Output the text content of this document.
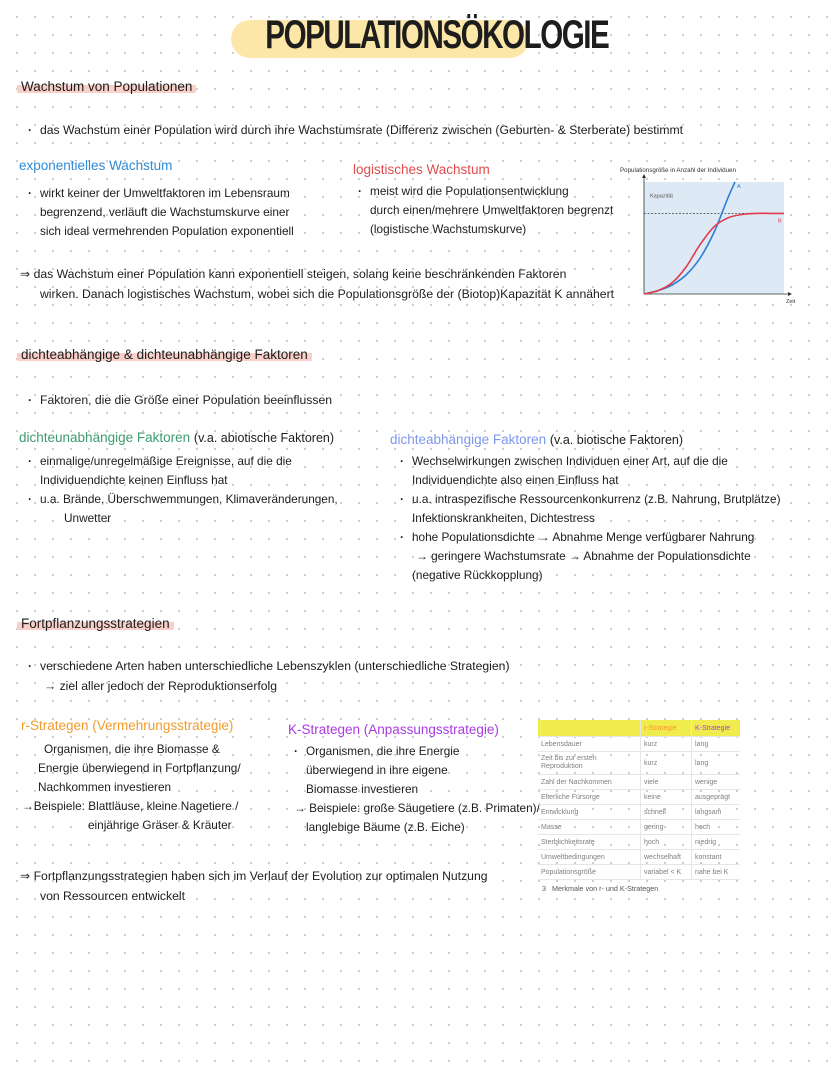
POPULATIONSÖKOLOGIE
Wachstum von Populationen
· das Wachstum einer Population wird durch ihre Wachstumsrate (Differenz zwischen (Geburten- & Sterberate) bestimmt
exponentielles Wachstum
· wirkt keiner der Umweltfaktoren im Lebensraum
begrenzend, verläuft die Wachstumskurve einer
sich ideal vermehrenden Population exponentiell
logistisches Wachstum
· meist wird die Populationsentwicklung
durch einen/mehrere Umweltfaktoren begrenzt
(logistische Wachstumskurve)
Populationsgröße in Anzahl der Individuen
Kapazität
A
B
Zeit
⇒ das Wachstum einer Population kann exponentiell steigen, solang keine beschränkenden Faktoren
wirken. Danach logistisches Wachstum, wobei sich die Populationsgröße der (Biotop)Kapazität K annähert
dichteabhängige & dichteunabhängige Faktoren
· Faktoren, die die Größe einer Population beeinflussen
dichteunabhängige Faktoren (v.a. abiotische Faktoren)
· einmalige/unregelmäßige Ereignisse, auf die die
Individuendichte keinen Einfluss hat
· u.a. Brände, Überschwemmungen, Klimaveränderungen,
Unwetter
dichteabhängige Faktoren (v.a. biotische Faktoren)
· Wechselwirkungen zwischen Individuen einer Art, auf die die
Individuendichte also einen Einfluss hat
· u.a. intraspezifische Ressourcenkonkurrenz (z.B. Nahrung, Brutplätze)
Infektionskrankheiten, Dichtestress
· hohe Populationsdichte → Abnahme Menge verfügbarer Nahrung
→ geringere Wachstumsrate → Abnahme der Populationsdichte
(negative Rückkopplung)
Fortpflanzungsstrategien
· verschiedene Arten haben unterschiedliche Lebenszyklen (unterschiedliche Strategien)
→ ziel aller jedoch der Reproduktionserfolg
r-Strategen (Vermehrungsstrategie)
Organismen, die ihre Biomasse &
Energie überwiegend in Fortpflanzung/
Nachkommen investieren
→Beispiele: Blattläuse, kleine Nagetiere /
einjährige Gräser & Kräuter
K-Strategen (Anpassungsstrategie)
· Organismen, die ihre Energie
überwiegend in ihre eigene
Biomasse investieren
→ Beispiele: große Säugetiere (z.B. Primaten)/
langlebige Bäume (z.B. Eiche)
	r-Strategie	K-Strategie
Lebensdauer	kurz	lang
Zeit bis zur ersten Reproduktion	kurz	lang
Zahl der Nachkommen	viele	wenige
Elterliche Fürsorge	keine	ausgeprägt
Entwicklung	schnell	langsam
Masse	gering	hoch
Sterblichkeitsrate	hoch	niedrig
Umweltbedingungen	wechselhaft	konstant
Populationsgröße	variabel < K	nahe bei K
3 Merkmale von r- und K-Strategen
⇒ Fortpflanzungsstrategien haben sich im Verlauf der Evolution zur optimalen Nutzung
von Ressourcen entwickelt
